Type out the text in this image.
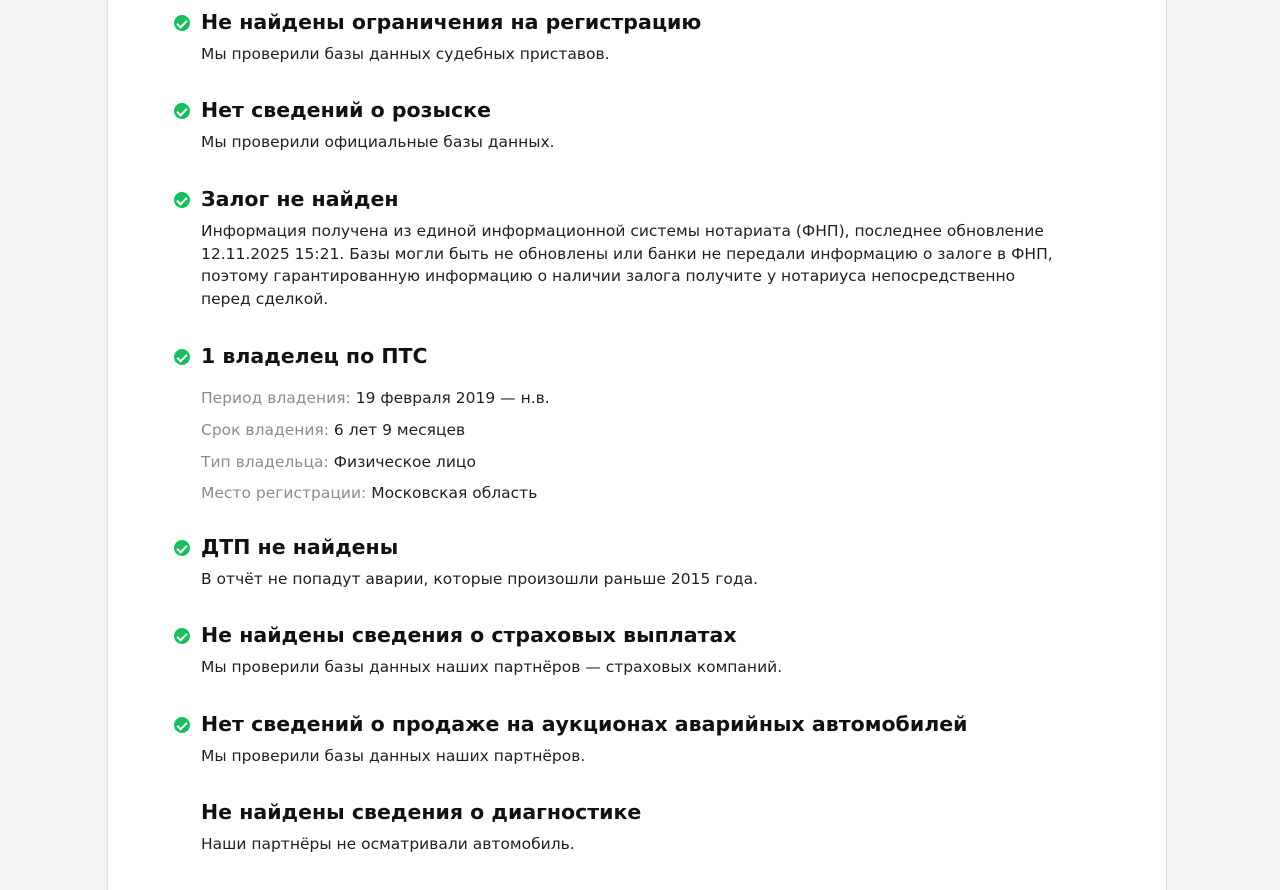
Не найдены ограничения на регистрацию
Мы проверили базы данных судебных приставов.
Нет сведений о розыске
Мы проверили официальные базы данных.
Залог не найден
Информация получена из единой информационной системы нотариата (ФНП), последнее обновление 12.11.2025 15:21. Базы могли быть не обновлены или банки не передали информацию о залоге в ФНП, поэтому гарантированную информацию о наличии залога получите у нотариуса непосредственно перед сделкой.
1 владелец по ПТС
Период владения: 19 февраля 2019 — н.в.
Срок владения: 6 лет 9 месяцев
Тип владельца: Физическое лицо
Место регистрации: Московская область
ДТП не найдены
В отчёт не попадут аварии, которые произошли раньше 2015 года.
Не найдены сведения о страховых выплатах
Мы проверили базы данных наших партнёров — страховых компаний.
Нет сведений о продаже на аукционах аварийных автомобилей
Мы проверили базы данных наших партнёров.
Не найдены сведения о диагностике
Наши партнёры не осматривали автомобиль.
